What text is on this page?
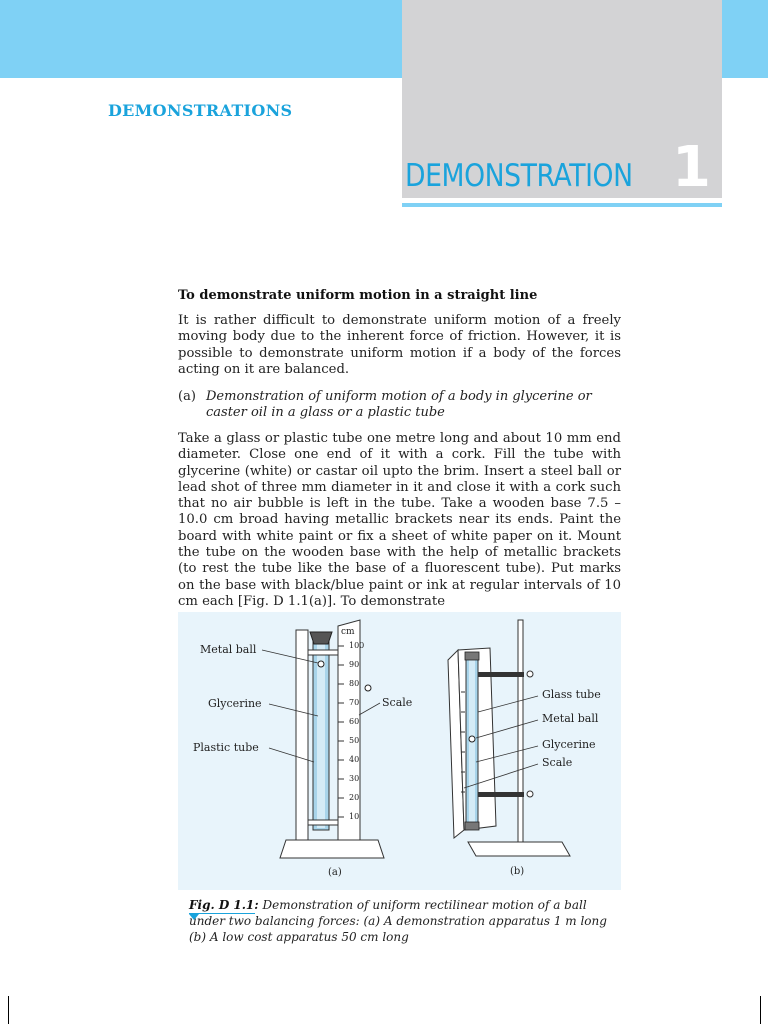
DEMONSTRATION 1
DEMONSTRATIONS
To demonstrate uniform motion in a straight line

It is rather difficult to demonstrate uniform motion of a freely moving body due to the inherent force of friction. However, it is possible to demonstrate uniform motion if a body of the forces acting on it are balanced.

(a) Demonstration of uniform motion of a body in glycerine or caster oil in a glass or a plastic tube

Take a glass or plastic tube one metre long and about 10 mm end diameter. Close one end of it with a cork. Fill the tube with glycerine (white) or castar oil upto the brim. Insert a steel ball or lead shot of three mm diameter in it and close it with a cork such that no air bubble is left in the tube. Take a wooden base 7.5 – 10.0 cm broad having metallic brackets near its ends. Paint the board with white paint or fix a sheet of white paper on it. Mount the tube on the wooden base with the help of metallic brackets (to rest the tube like the base of a fluorescent tube). Put marks on the base with black/blue paint or ink at regular intervals of 10 cm each [Fig. D 1.1(a)]. To demonstrate

100
90
80
70
60
50
40
30
20
10
cm
Metal ball
Glycerine
Plastic tube
Scale
(a)
Glass tube
Metal ball
Glycerine
Scale
(b)
Fig. D 1.1: Demonstration of uniform rectilinear motion of a ball under two balancing forces: (a) A demonstration apparatus 1 m long (b) A low cost apparatus 50 cm long
